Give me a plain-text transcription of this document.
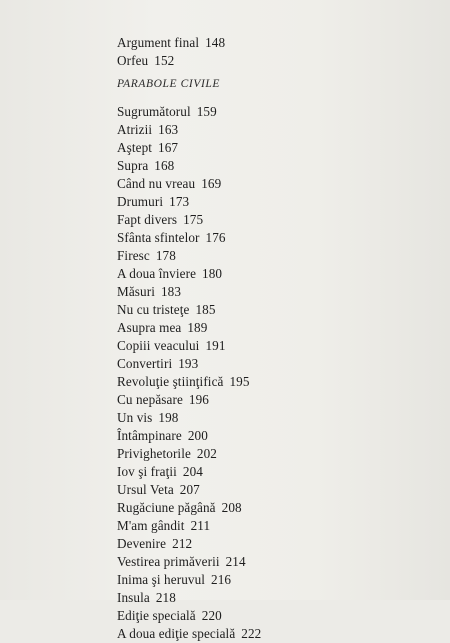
Argument final 148
Orfeu 152
PARABOLE CIVILE
Sugrumătorul 159
Atrizii 163
Aştept 167
Supra 168
Când nu vreau 169
Drumuri 173
Fapt divers 175
Sfânta sfintelor 176
Firesc 178
A doua înviere 180
Măsuri 183
Nu cu tristeţe 185
Asupra mea 189
Copiii veacului 191
Convertiri 193
Revoluţie ştiinţifică 195
Cu nepăsare 196
Un vis 198
Întâmpinare 200
Privighetorile 202
Iov şi fraţii 204
Ursul Veta 207
Rugăciune păgână 208
M'am gândit 211
Devenire 212
Vestirea primăverii 214
Inima şi heruvul 216
Insula 218
Ediţie specială 220
A doua ediţie specială 222
